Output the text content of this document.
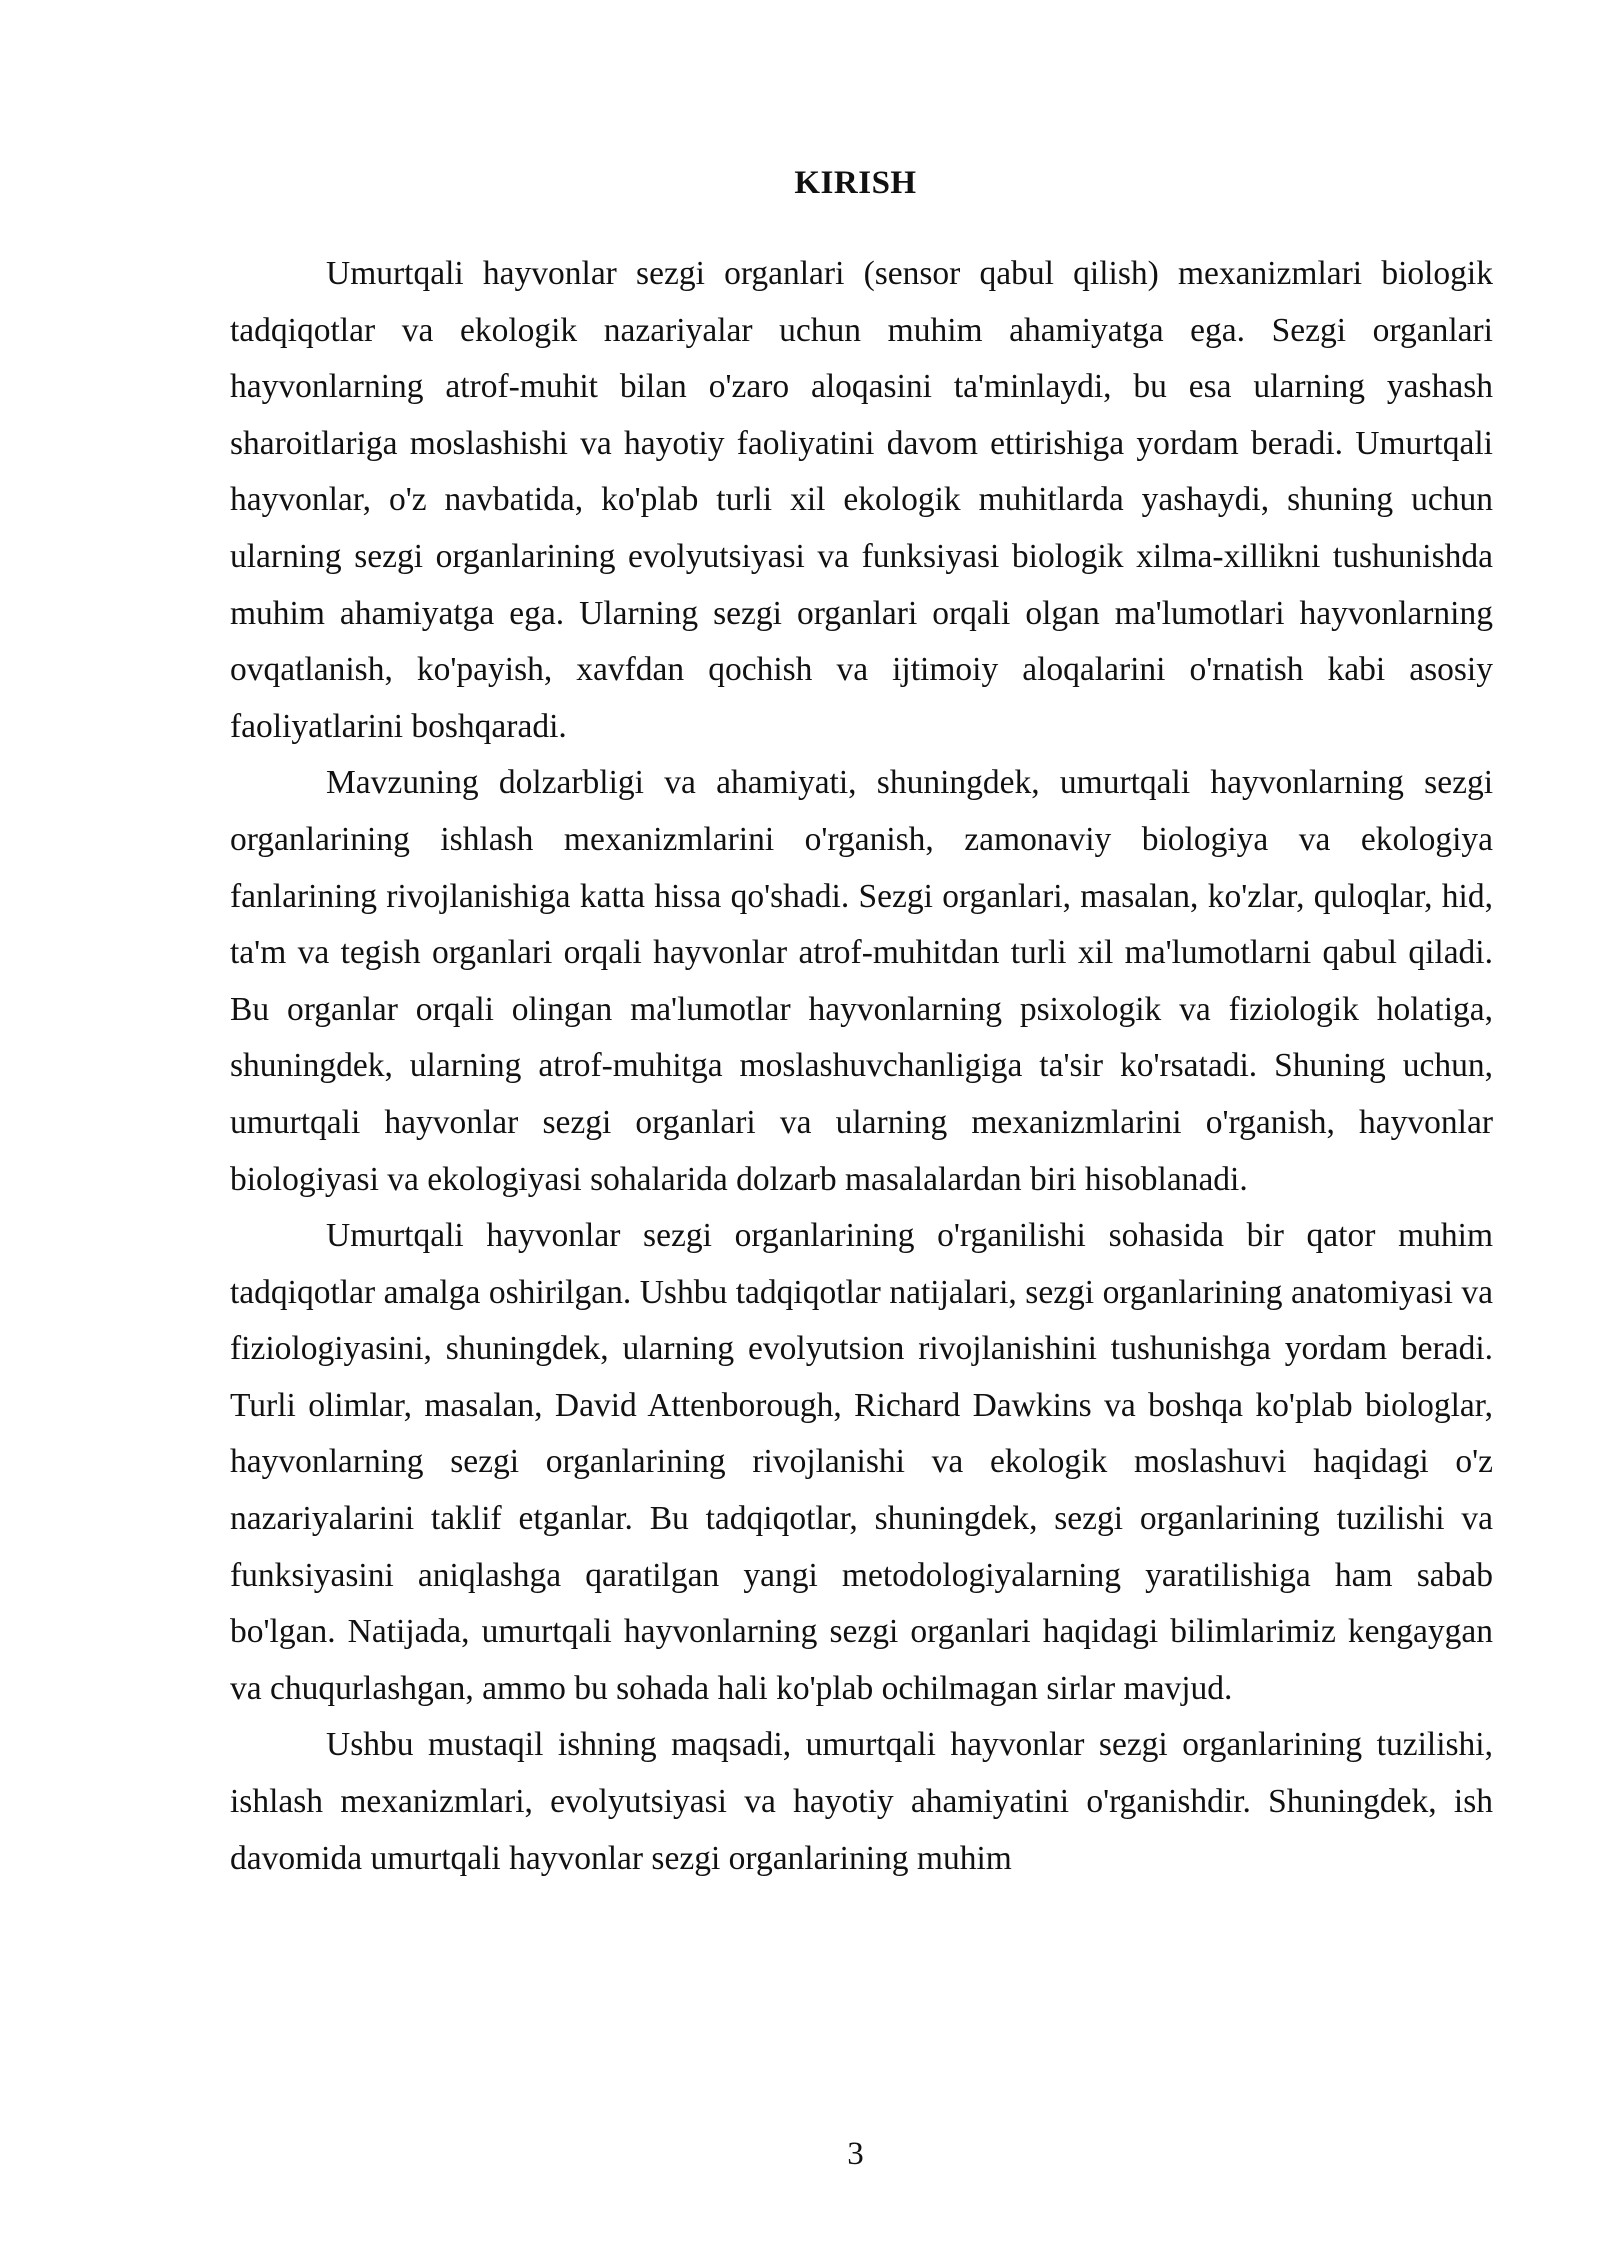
KIRISH

Umurtqali hayvonlar sezgi organlari (sensor qabul qilish) mexanizmlari biologik tadqiqotlar va ekologik nazariyalar uchun muhim ahamiyatga ega. Sezgi organlari hayvonlarning atrof-muhit bilan o'zaro aloqasini ta'minlaydi, bu esa ularning yashash sharoitlariga moslashishi va hayotiy faoliyatini davom ettirishiga yordam beradi. Umurtqali hayvonlar, o'z navbatida, ko'plab turli xil ekologik muhitlarda yashaydi, shuning uchun ularning sezgi organlarining evolyutsiyasi va funksiyasi biologik xilma-xillikni tushunishda muhim ahamiyatga ega. Ularning sezgi organlari orqali olgan ma'lumotlari hayvonlarning ovqatlanish, ko'payish, xavfdan qochish va ijtimoiy aloqalarini o'rnatish kabi asosiy faoliyatlarini boshqaradi.

Mavzuning dolzarbligi va ahamiyati, shuningdek, umurtqali hayvonlarning sezgi organlarining ishlash mexanizmlarini o'rganish, zamonaviy biologiya va ekologiya fanlarining rivojlanishiga katta hissa qo'shadi. Sezgi organlari, masalan, ko'zlar, quloqlar, hid, ta'm va tegish organlari orqali hayvonlar atrof-muhitdan turli xil ma'lumotlarni qabul qiladi. Bu organlar orqali olingan ma'lumotlar hayvonlarning psixologik va fiziologik holatiga, shuningdek, ularning atrof-muhitga moslashuvchanligiga ta'sir ko'rsatadi. Shuning uchun, umurtqali hayvonlar sezgi organlari va ularning mexanizmlarini o'rganish, hayvonlar biologiyasi va ekologiyasi sohalarida dolzarb masalalardan biri hisoblanadi.

Umurtqali hayvonlar sezgi organlarining o'rganilishi sohasida bir qator muhim tadqiqotlar amalga oshirilgan. Ushbu tadqiqotlar natijalari, sezgi organlarining anatomiyasi va fiziologiyasini, shuningdek, ularning evolyutsion rivojlanishini tushunishga yordam beradi. Turli olimlar, masalan, David Attenborough, Richard Dawkins va boshqa ko'plab biologlar, hayvonlarning sezgi organlarining rivojlanishi va ekologik moslashuvi haqidagi o'z nazariyalarini taklif etganlar. Bu tadqiqotlar, shuningdek, sezgi organlarining tuzilishi va funksiyasini aniqlashga qaratilgan yangi metodologiyalarning yaratilishiga ham sabab bo'lgan. Natijada, umurtqali hayvonlarning sezgi organlari haqidagi bilimlarimiz kengaygan va chuqurlashgan, ammo bu sohada hali ko'plab ochilmagan sirlar mavjud.

Ushbu mustaqil ishning maqsadi, umurtqali hayvonlar sezgi organlarining tuzilishi, ishlash mexanizmlari, evolyutsiyasi va hayotiy ahamiyatini o'rganishdir. Shuningdek, ish davomida umurtqali hayvonlar sezgi organlarining muhim

3
